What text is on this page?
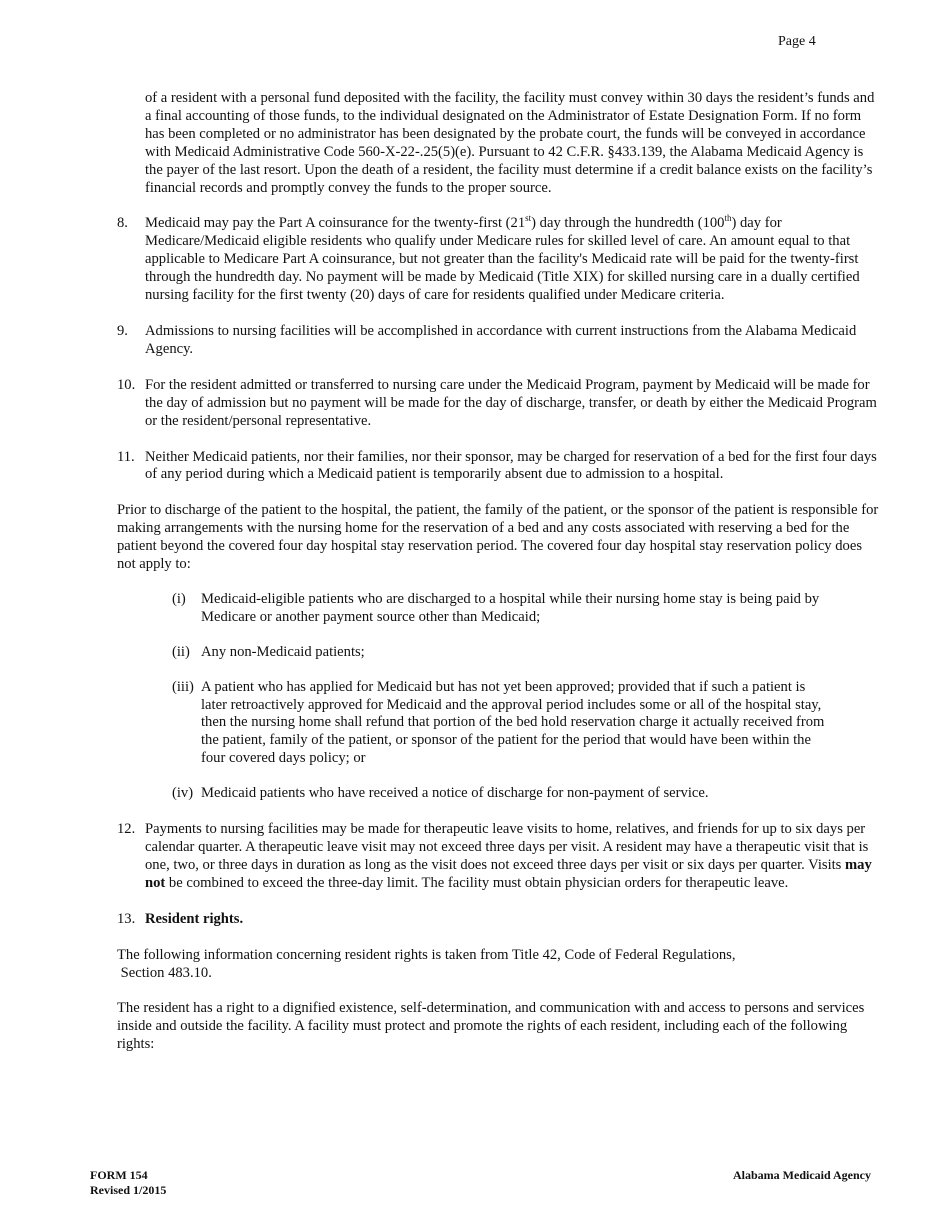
Page 4

of a resident with a personal fund deposited with the facility, the facility must convey within 30 days the resident’s funds and a final accounting of those funds, to the individual designated on the Administrator of Estate Designation Form. If no form has been completed or no administrator has been designated by the probate court, the funds will be conveyed in accordance with Medicaid Administrative Code 560-X-22-.25(5)(e). Pursuant to 42 C.F.R. §433.139, the Alabama Medicaid Agency is the payer of the last resort. Upon the death of a resident, the facility must determine if a credit balance exists on the facility’s financial records and promptly convey the funds to the proper source.

8.	Medicaid may pay the Part A coinsurance for the twenty-first (21st) day through the hundredth (100th) day for Medicare/Medicaid eligible residents who qualify under Medicare rules for skilled level of care. An amount equal to that applicable to Medicare Part A coinsurance, but not greater than the facility's Medicaid rate will be paid for the twenty-first through the hundredth day. No payment will be made by Medicaid (Title XIX) for skilled nursing care in a dually certified nursing facility for the first twenty (20) days of care for residents qualified under Medicare criteria.
9.	Admissions to nursing facilities will be accomplished in accordance with current instructions from the Alabama Medicaid Agency.
10. For the resident admitted or transferred to nursing care under the Medicaid Program, payment by Medicaid will be made for the day of admission but no payment will be made for the day of discharge, transfer, or death by either the Medicaid Program or the resident/personal representative.
11. Neither Medicaid patients, nor their families, nor their sponsor, may be charged for reservation of a bed for the first four days of any period during which a Medicaid patient is temporarily absent due to admission to a hospital.

Prior to discharge of the patient to the hospital, the patient, the family of the patient, or the sponsor of the patient is responsible for making arrangements with the nursing home for the reservation of a bed and any costs associated with reserving a bed for the patient beyond the covered four day hospital stay reservation period. The covered four day hospital stay reservation policy does not apply to:

(i)	Medicaid-eligible patients who are discharged to a hospital while their nursing home stay is being paid by Medicare or another payment source other than Medicaid;
(ii) Any non-Medicaid patients;
(iii) A patient who has applied for Medicaid but has not yet been approved; provided that if such a patient is later retroactively approved for Medicaid and the approval period includes some or all of the hospital stay, then the nursing home shall refund that portion of the bed hold reservation charge it actually received from the patient, family of the patient, or sponsor of the patient for the period that would have been within the four covered days policy; or
(iv) Medicaid patients who have received a notice of discharge for non-payment of service.
12. Payments to nursing facilities may be made for therapeutic leave visits to home, relatives, and friends for up to six days per calendar quarter. A therapeutic leave visit may not exceed three days per visit. A resident may have a therapeutic visit that is one, two, or three days in duration as long as the visit does not exceed three days per visit or six days per quarter. Visits may not be combined to exceed the three-day limit. The facility must obtain physician orders for therapeutic leave.
13. Resident rights.

The following information concerning resident rights is taken from Title 42, Code of Federal Regulations,
Section 483.10.

The resident has a right to a dignified existence, self-determination, and communication with and access to persons and services inside and outside the facility. A facility must protect and promote the rights of each resident, including each of the following rights:

FORM 154
Revised 1/2015
Alabama Medicaid Agency
